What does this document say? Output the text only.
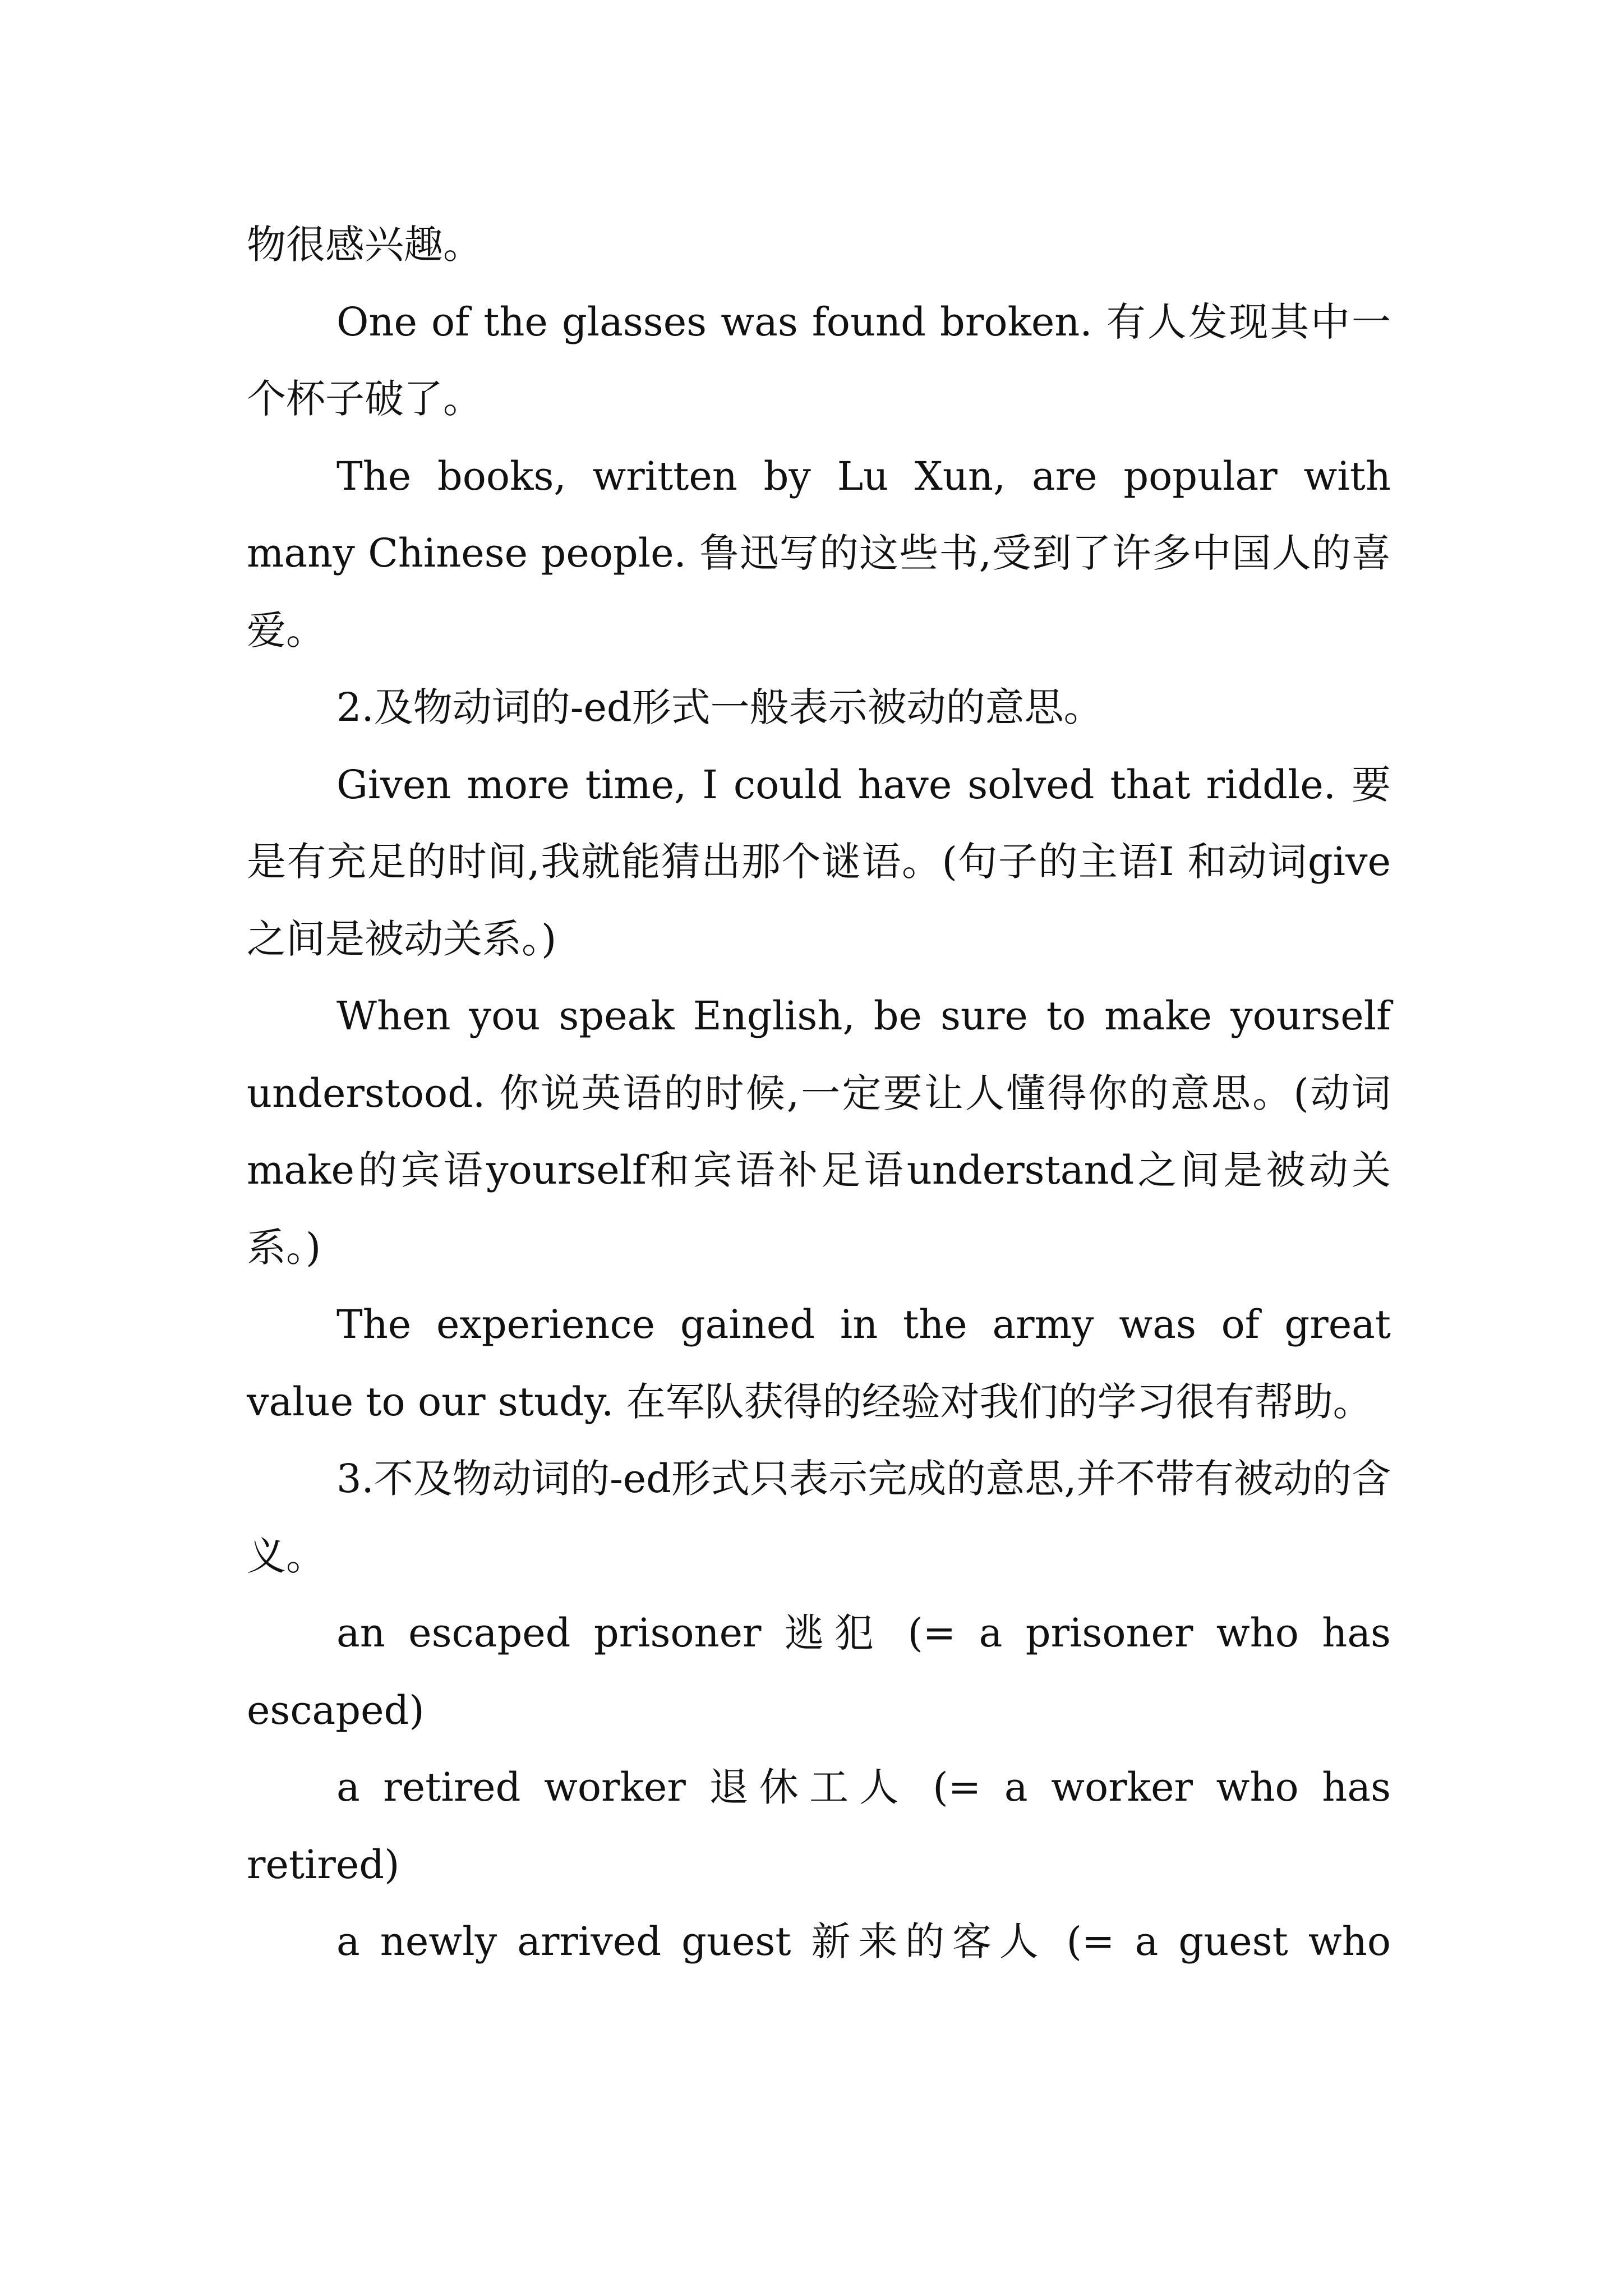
物很感兴趣。

One of the glasses was found broken. 有人发现其中一个杯子破了。

The books, written by Lu Xun, are popular with many Chinese people. 鲁迅写的这些书,受到了许多中国人的喜爱。

2.及物动词的-ed形式一般表示被动的意思。

Given more time, I could have solved that riddle. 要是有充足的时间,我就能猜出那个谜语。(句子的主语I 和动词give之间是被动关系。)

When you speak English, be sure to make yourself understood. 你说英语的时候,一定要让人懂得你的意思。(动词make的宾语yourself和宾语补足语understand之间是被动关系。)

The experience gained in the army was of great value to our study. 在军队获得的经验对我们的学习很有帮助。

3.不及物动词的-ed形式只表示完成的意思,并不带有被动的含义。

an escaped prisoner 逃犯 (= a prisoner who has escaped)

a retired worker 退休工人 (= a worker who has retired)

a newly arrived guest 新来的客人 (= a guest who
